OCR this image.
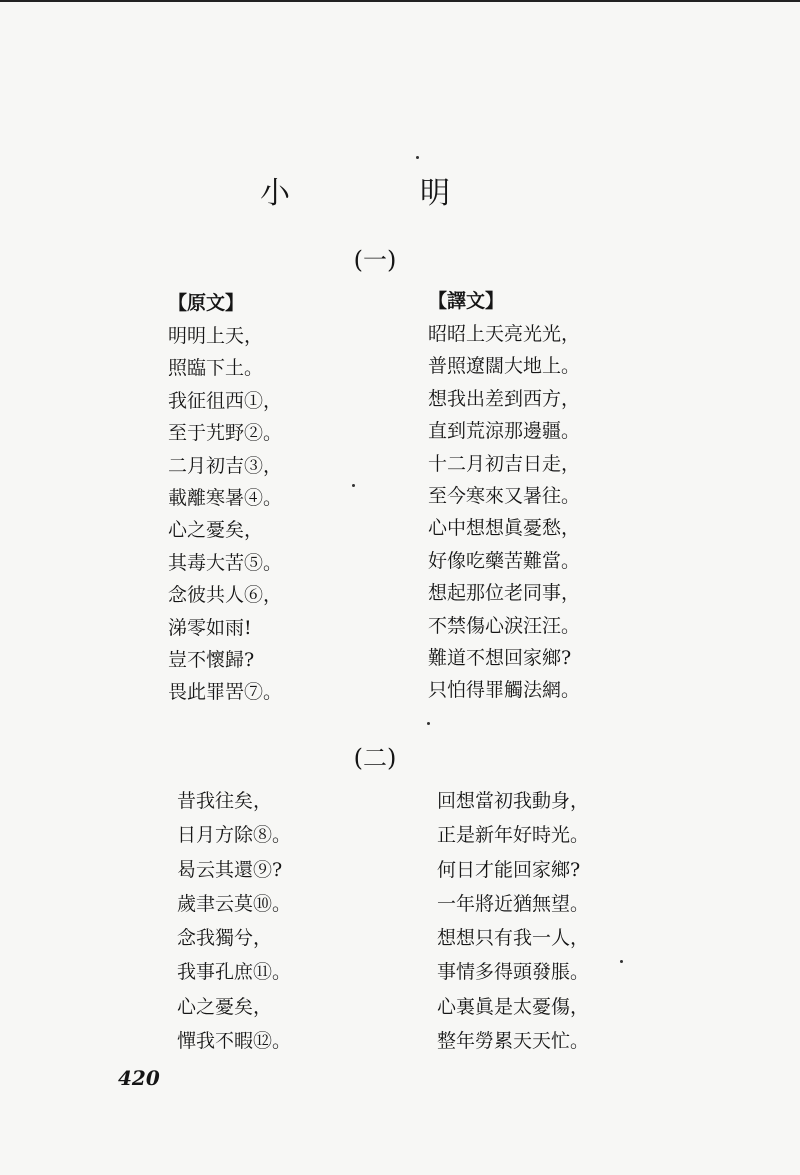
小　明
(一)
【原文】
明明上天，
照臨下土。
我征徂西①，
至于艽野②。
二月初吉③，
載離寒暑④。
心之憂矣，
其毒大苦⑤。
念彼共人⑥，
涕零如雨!
豈不懷歸?
畏此罪罟⑦。
【譯文】
昭昭上天亮光光，
普照遼闊大地上。
想我出差到西方，
直到荒涼那邊疆。
十二月初吉日走，
至今寒來又暑往。
心中想想眞憂愁，
好像吃藥苦難當。
想起那位老同事，
不禁傷心淚汪汪。
難道不想回家鄉?
只怕得罪觸法網。
(二)
昔我往矣，
日月方除⑧。
曷云其還⑨?
歲聿云莫⑩。
念我獨兮，
我事孔庶⑪。
心之憂矣，
憚我不暇⑫。
回想當初我動身，
正是新年好時光。
何日才能回家鄉?
一年將近猶無望。
想想只有我一人，
事情多得頭發脹。
心裏眞是太憂傷，
整年勞累天天忙。
420
